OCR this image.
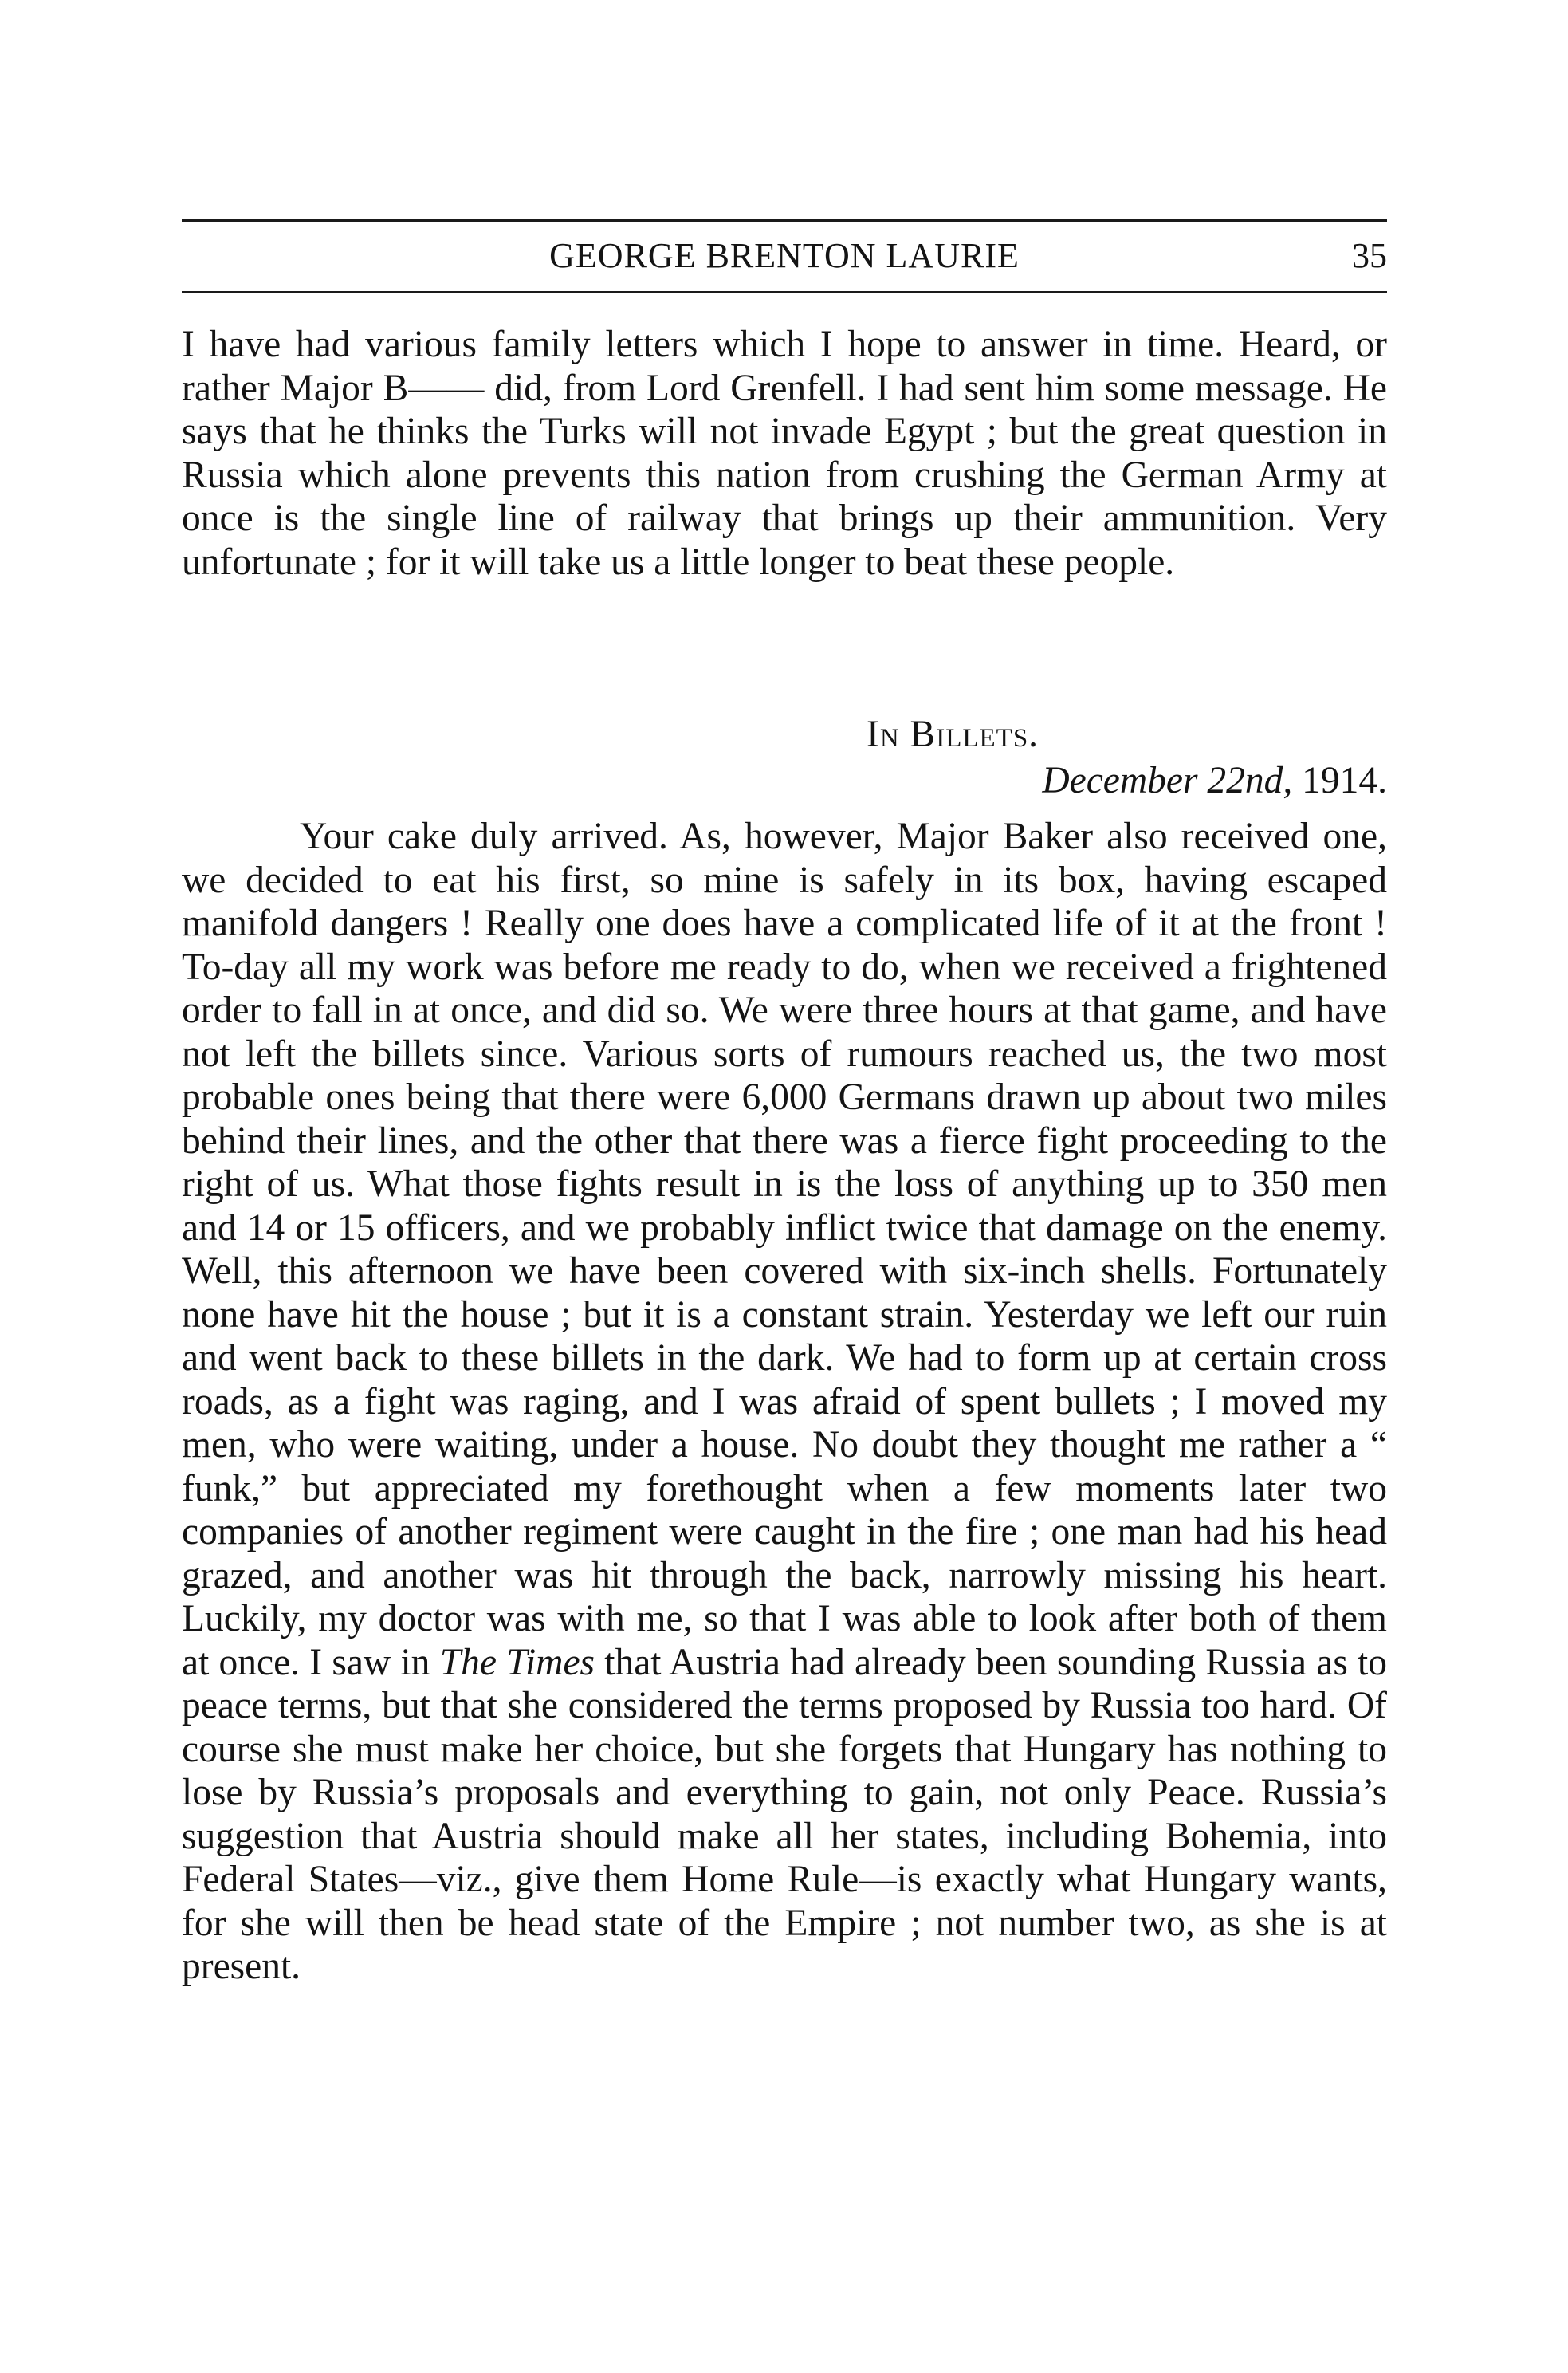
GEORGE BRENTON LAURIE	35

I have had various family letters which I hope to answer in time. Heard, or rather Major B—— did, from Lord Grenfell. I had sent him some message. He says that he thinks the Turks will not invade Egypt ; but the great question in Russia which alone prevents this nation from crushing the German Army at once is the single line of railway that brings up their ammunition. Very unfortunate ; for it will take us a little longer to beat these people.

In Billets.
December 22nd, 1914.

Your cake duly arrived. As, however, Major Baker also received one, we decided to eat his first, so mine is safely in its box, having escaped manifold dangers ! Really one does have a complicated life of it at the front ! To-day all my work was before me ready to do, when we received a frightened order to fall in at once, and did so. We were three hours at that game, and have not left the billets since. Various sorts of rumours reached us, the two most probable ones being that there were 6,000 Germans drawn up about two miles behind their lines, and the other that there was a fierce fight proceeding to the right of us. What those fights result in is the loss of anything up to 350 men and 14 or 15 officers, and we probably inflict twice that damage on the enemy. Well, this afternoon we have been covered with six-inch shells. Fortunately none have hit the house ; but it is a constant strain. Yesterday we left our ruin and went back to these billets in the dark. We had to form up at certain cross roads, as a fight was raging, and I was afraid of spent bullets ; I moved my men, who were waiting, under a house. No doubt they thought me rather a “ funk,” but appreciated my forethought when a few moments later two companies of another regiment were caught in the fire ; one man had his head grazed, and another was hit through the back, narrowly missing his heart. Luckily, my doctor was with me, so that I was able to look after both of them at once. I saw in The Times that Austria had already been sounding Russia as to peace terms, but that she considered the terms proposed by Russia too hard. Of course she must make her choice, but she forgets that Hungary has nothing to lose by Russia’s proposals and everything to gain, not only Peace. Russia’s suggestion that Austria should make all her states, including Bohemia, into Federal States—viz., give them Home Rule—is exactly what Hungary wants, for she will then be head state of the Empire ; not number two, as she is at present.
